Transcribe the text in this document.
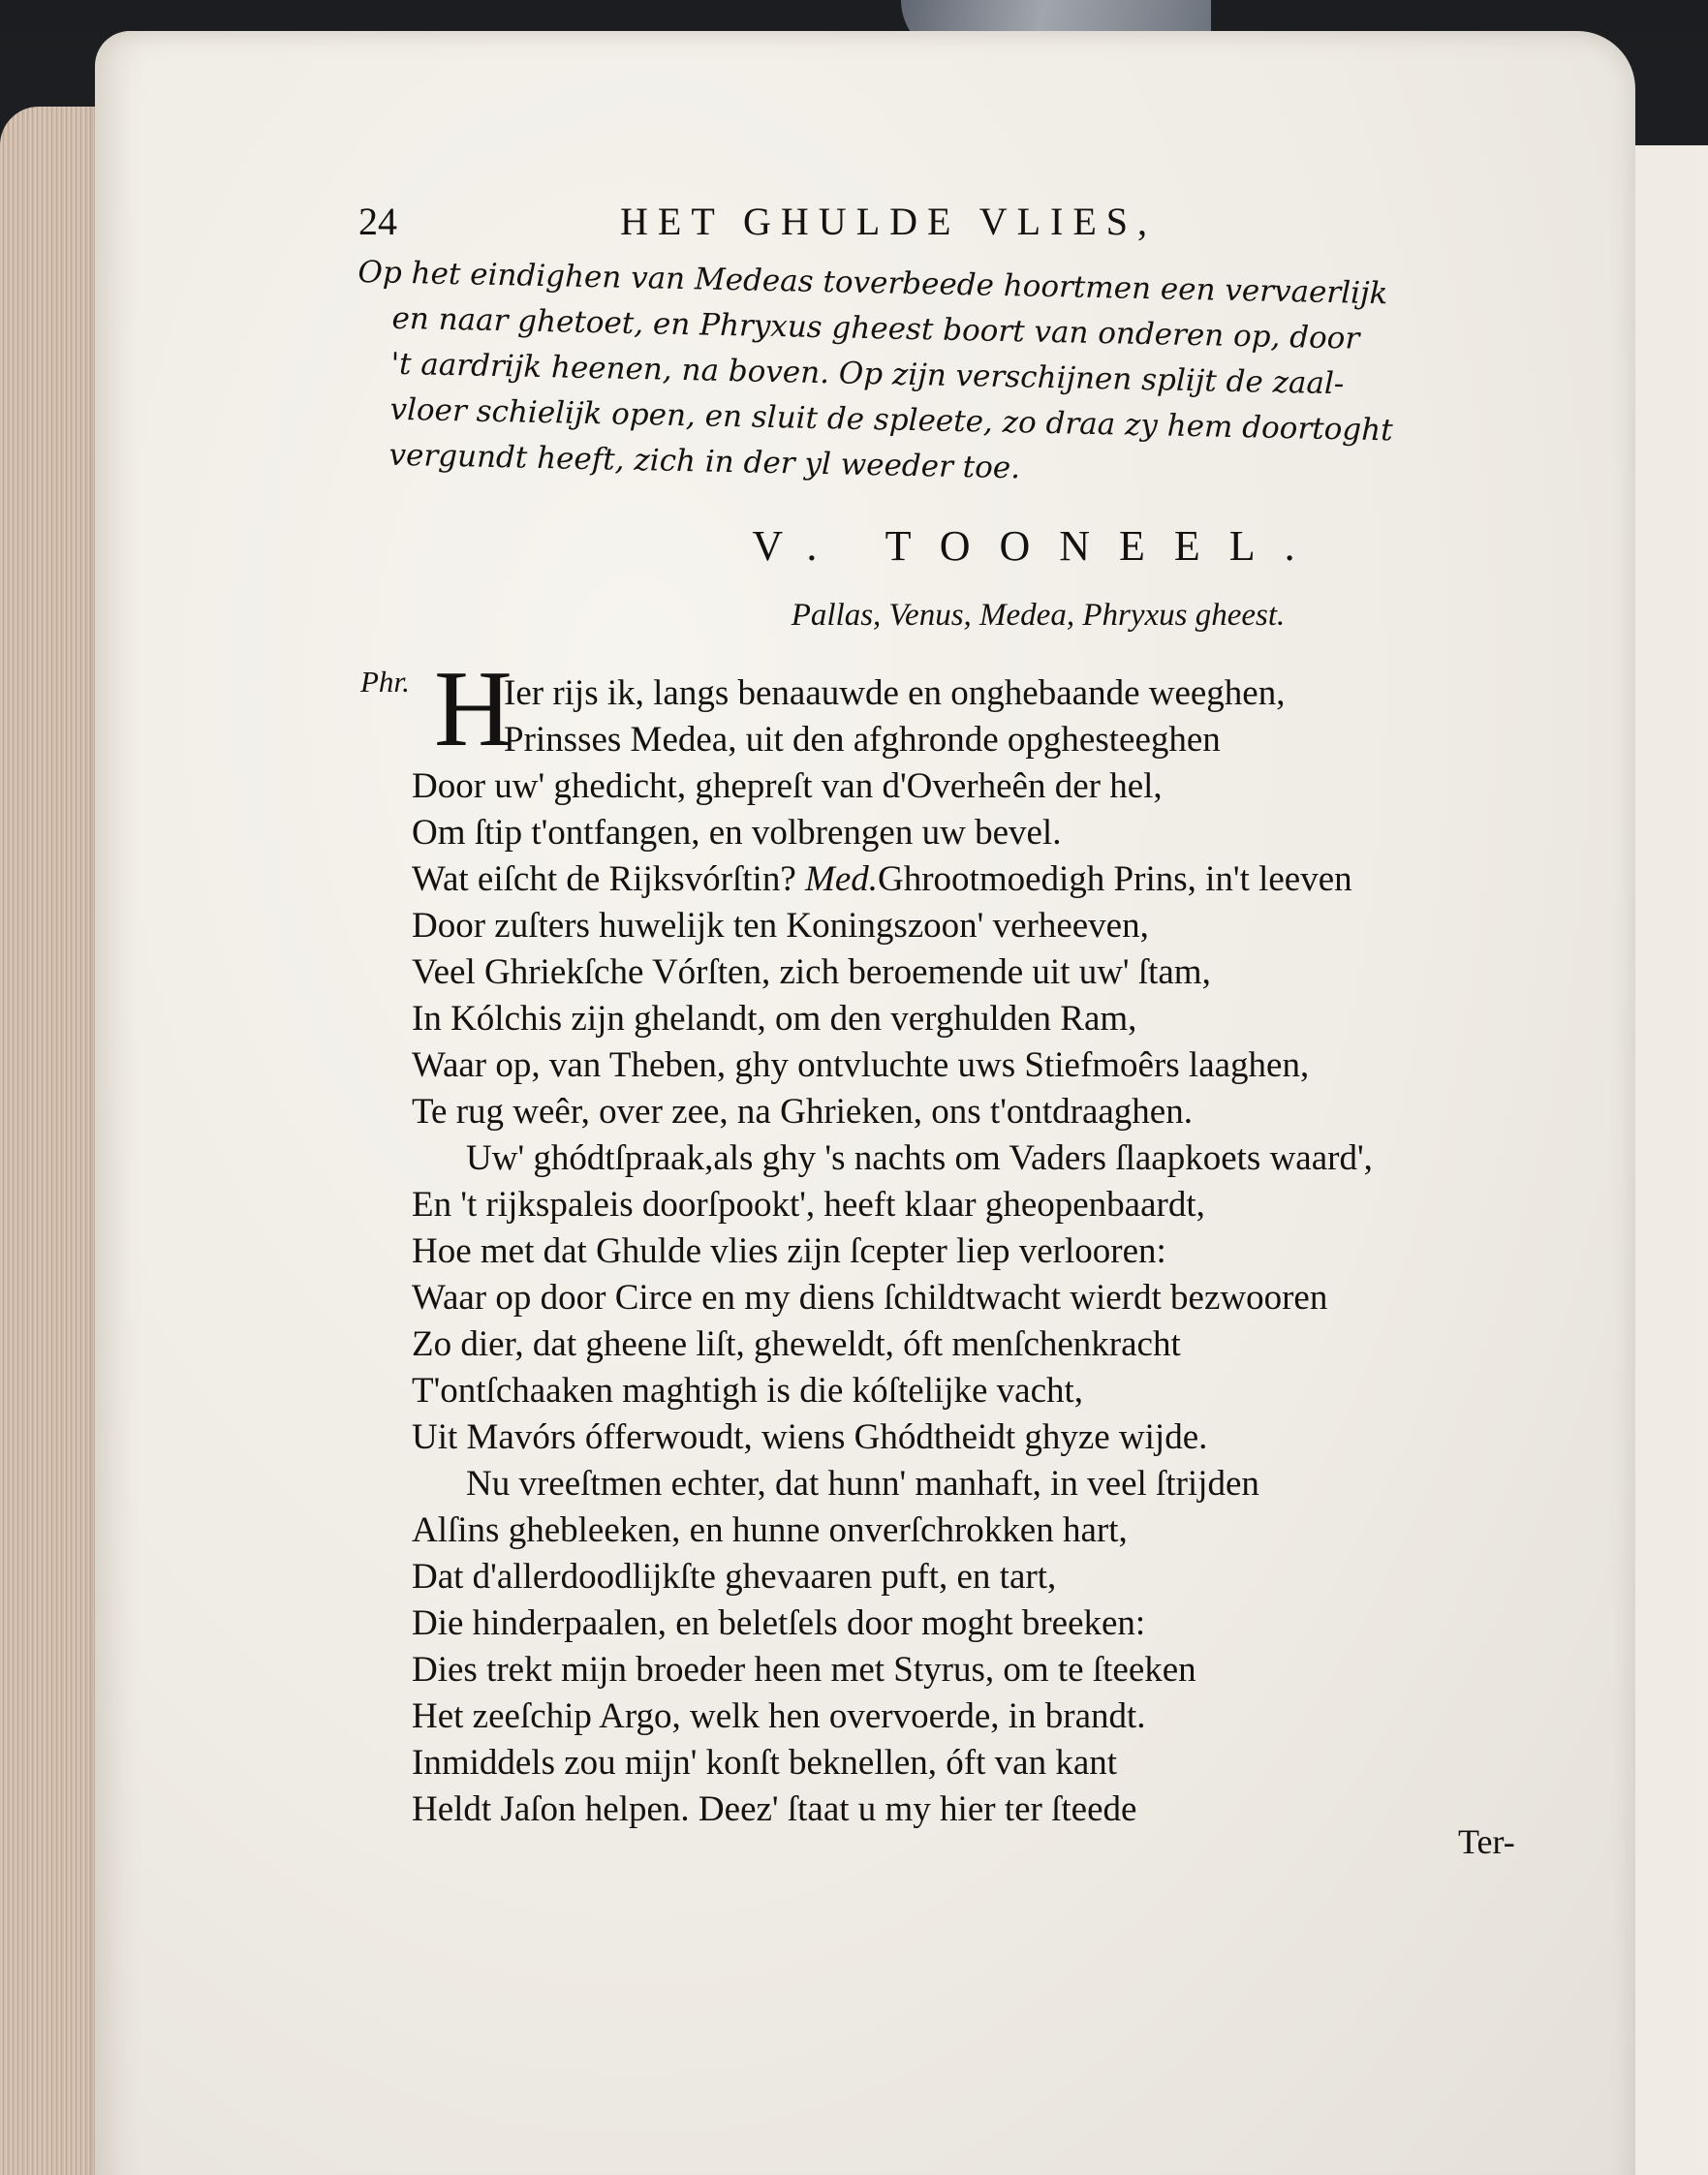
24	HET GHULDE VLIES,
Op het eindighen van Medeas toverbeede hoortmen een vervaerlijk
en naar ghetoet, en Phryxus gheest boort van onderen op, door
't aardrijk heenen, na boven. Op zijn verschijnen splijt de zaal-
vloer schielijk open, en sluit de spleete, zo draa zy hem doortoght
vergundt heeft, zich in der yl weeder toe.
V. TOONEEL.
Pallas, Venus, Medea, Phryxus gheest.
Phr. H
Ier rijs ik, langs benaauwde en onghebaande weeghen,
Prinsses Medea, uit den afghronde opghesteeghen
Door uw' ghedicht, ghepreſt van d'Overheên der hel,
Om ſtip t'ontfangen, en volbrengen uw bevel.
Wat eiſcht de Rijksvórſtin? Med.Ghrootmoedigh Prins, in't leeven
Door zuſters huwelijk ten Koningszoon' verheeven,
Veel Ghriekſche Vórſten, zich beroemende uit uw' ſtam,
In Kólchis zijn ghelandt, om den verghulden Ram,
Waar op, van Theben, ghy ontvluchte uws Stiefmoêrs laaghen,
Te rug weêr, over zee, na Ghrieken, ons t'ontdraaghen.
Uw' ghódtſpraak,als ghy 's nachts om Vaders ſlaapkoets waard',
En 't rijkspaleis doorſpookt', heeft klaar gheopenbaardt,
Hoe met dat Ghulde vlies zijn ſcepter liep verlooren:
Waar op door Circe en my diens ſchildtwacht wierdt bezwooren
Zo dier, dat gheene liſt, gheweldt, óft menſchenkracht
T'ontſchaaken maghtigh is die kóſtelijke vacht,
Uit Mavórs ófferwoudt, wiens Ghódtheidt ghyze wijde.
Nu vreeſtmen echter, dat hunn' manhaft, in veel ſtrijden
Alſins ghebleeken, en hunne onverſchrokken hart,
Dat d'allerdoodlijkſte ghevaaren puft, en tart,
Die hinderpaalen, en beletſels door moght breeken:
Dies trekt mijn broeder heen met Styrus, om te ſteeken
Het zeeſchip Argo, welk hen overvoerde, in brandt.
Inmiddels zou mijn' konſt beknellen, óft van kant
Heldt Jaſon helpen. Deez' ſtaat u my hier ter ſteede
Ter-
